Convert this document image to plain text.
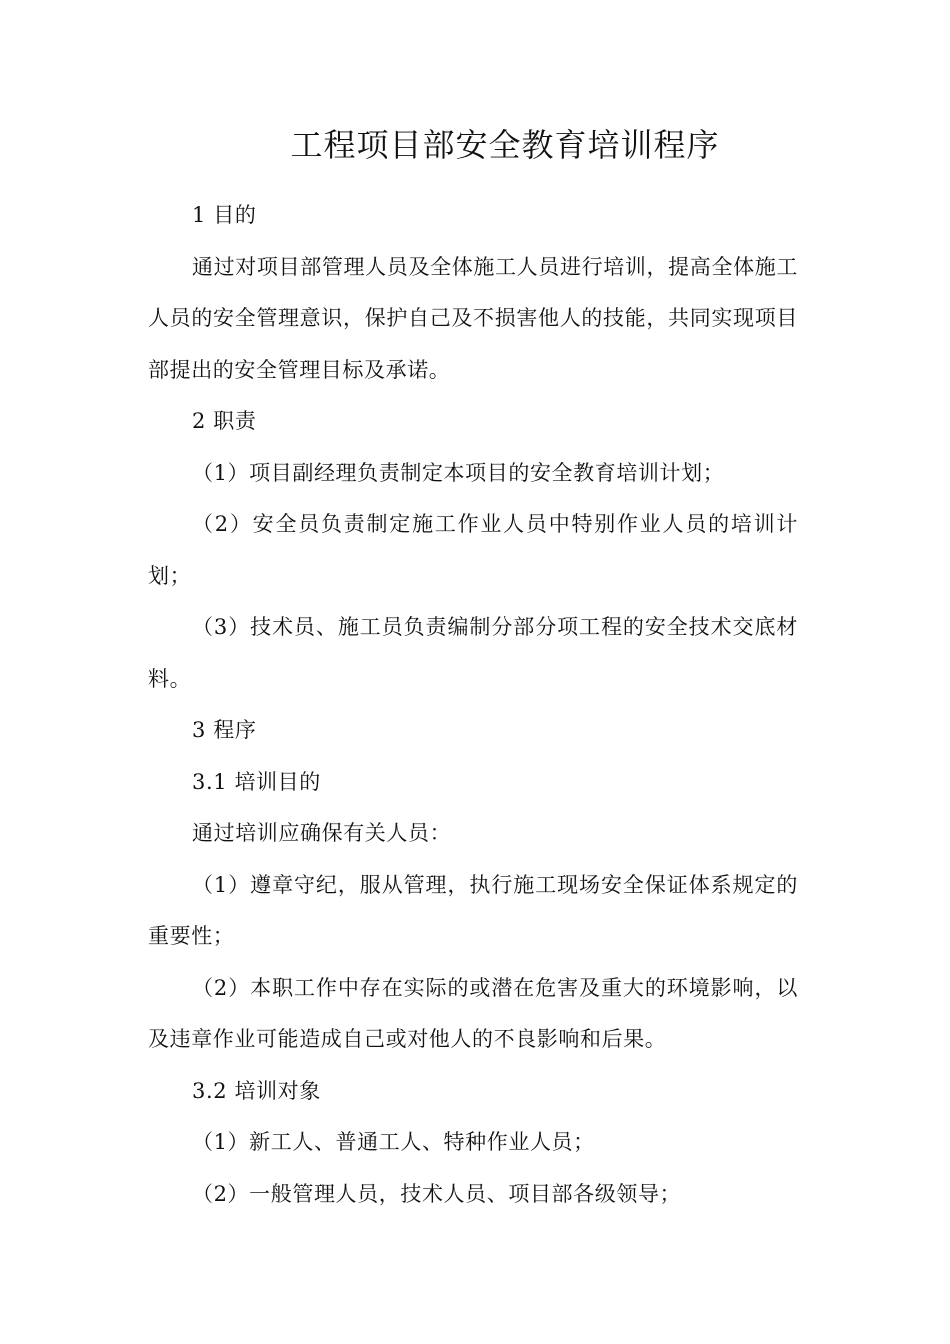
工程项目部安全教育培训程序

1 目的

通过对项目部管理人员及全体施工人员进行培训，提高全体施工人员的安全管理意识，保护自己及不损害他人的技能，共同实现项目部提出的安全管理目标及承诺。

2 职责

（1）项目副经理负责制定本项目的安全教育培训计划；

（2）安全员负责制定施工作业人员中特别作业人员的培训计划；

（3）技术员、施工员负责编制分部分项工程的安全技术交底材料。

3 程序

3.1 培训目的

通过培训应确保有关人员：

（1）遵章守纪，服从管理，执行施工现场安全保证体系规定的重要性；

（2）本职工作中存在实际的或潜在危害及重大的环境影响，以及违章作业可能造成自己或对他人的不良影响和后果。

3.2 培训对象

（1）新工人、普通工人、特种作业人员；

（2）一般管理人员，技术人员、项目部各级领导；
